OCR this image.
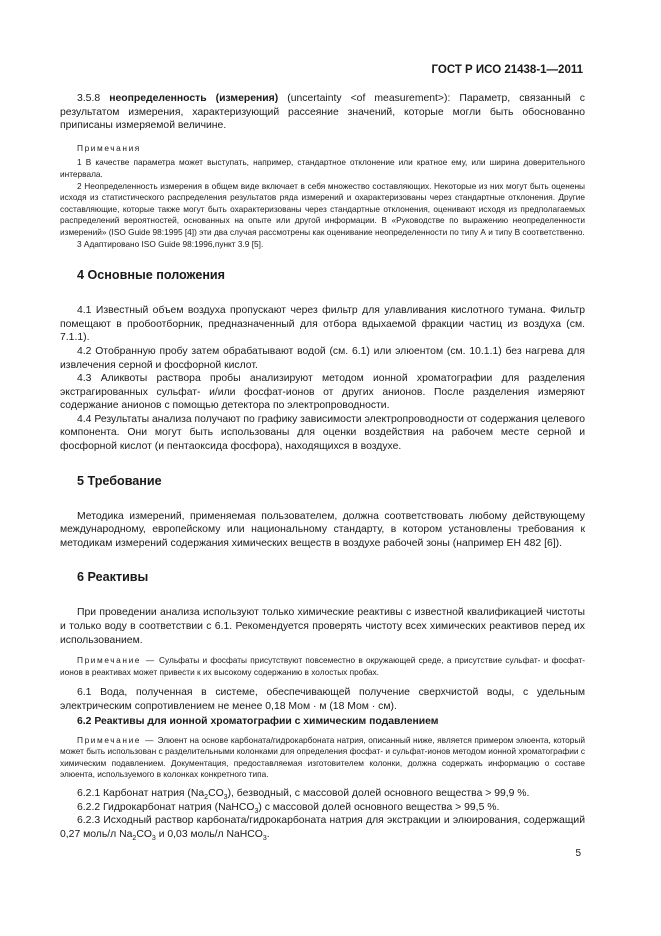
ГОСТ Р ИСО 21438-1—2011

3.5.8 неопределенность (измерения) (uncertainty <of measurement>): Параметр, связанный с результатом измерения, характеризующий рассеяние значений, которые могли быть обоснованно приписаны измеряемой величине.

Примечания

1 В качестве параметра может выступать, например, стандартное отклонение или кратное ему, или ширина доверительного интервала.

2 Неопределенность измерения в общем виде включает в себя множество составляющих. Некоторые из них могут быть оценены исходя из статистического распределения результатов ряда измерений и охарактеризованы через стандартные отклонения. Другие составляющие, которые также могут быть охарактеризованы через стандартные отклонения, оценивают исходя из предполагаемых распределений вероятностей, основанных на опыте или другой информации. В «Руководстве по выражению неопределенности измерений» (ISO Guide 98:1995 [4]) эти два случая рассмотрены как оценивание неопределенности по типу А и типу В соответственно.

3 Адаптировано ISO Guide 98:1996,пункт 3.9 [5].

4 Основные положения

4.1 Известный объем воздуха пропускают через фильтр для улавливания кислотного тумана. Фильтр помещают в пробоотборник, предназначенный для отбора вдыхаемой фракции частиц из воздуха (см. 7.1.1).

4.2 Отобранную пробу затем обрабатывают водой (см. 6.1) или элюентом (см. 10.1.1) без нагрева для извлечения серной и фосфорной кислот.

4.3 Аликвоты раствора пробы анализируют методом ионной хроматографии для разделения экстрагированных сульфат- и/или фосфат-ионов от других анионов. После разделения измеряют содержание анионов с помощью детектора по электропроводности.

4.4 Результаты анализа получают по графику зависимости электропроводности от содержания целевого компонента. Они могут быть использованы для оценки воздействия на рабочем месте серной и фосфорной кислот (и пентаоксида фосфора), находящихся в воздухе.

5 Требование

Методика измерений, применяемая пользователем, должна соответствовать любому действующему международному, европейскому или национальному стандарту, в котором установлены требования к методикам измерений содержания химических веществ в воздухе рабочей зоны (например ЕН 482 [6]).

6 Реактивы

При проведении анализа используют только химические реактивы с известной квалификацией чистоты и только воду в соответствии с 6.1. Рекомендуется проверять чистоту всех химических реактивов перед их использованием.

Примечание — Сульфаты и фосфаты присутствуют повсеместно в окружающей среде, а присутствие сульфат- и фосфат-ионов в реактивах может привести к их высокому содержанию в холостых пробах.

6.1 Вода, полученная в системе, обеспечивающей получение сверхчистой воды, с удельным электрическим сопротивлением не менее 0,18 Мом · м (18 Мом · см).

6.2 Реактивы для ионной хроматографии с химическим подавлением

Примечание — Элюент на основе карбоната/гидрокарбоната натрия, описанный ниже, является примером элюента, который может быть использован с разделительными колонками для определения фосфат- и сульфат-ионов методом ионной хроматографии с химическим подавлением. Документация, предоставляемая изготовителем колонки, должна содержать информацию о составе элюента, используемого в колонках конкретного типа.

6.2.1 Карбонат натрия $(Na_2CO_3)$, безводный, с массовой долей основного вещества > 99,9 %.

6.2.2 Гидрокарбонат натрия (NaHCO$_3$) с массовой долей основного вещества > 99,5 %.

6.2.3 Исходный раствор карбоната/гидрокарбоната натрия для экстракции и элюирования, содержащий 0,27 моль/л $Na_2CO_3$ и 0,03 моль/л NaHCO$_3$.

5
